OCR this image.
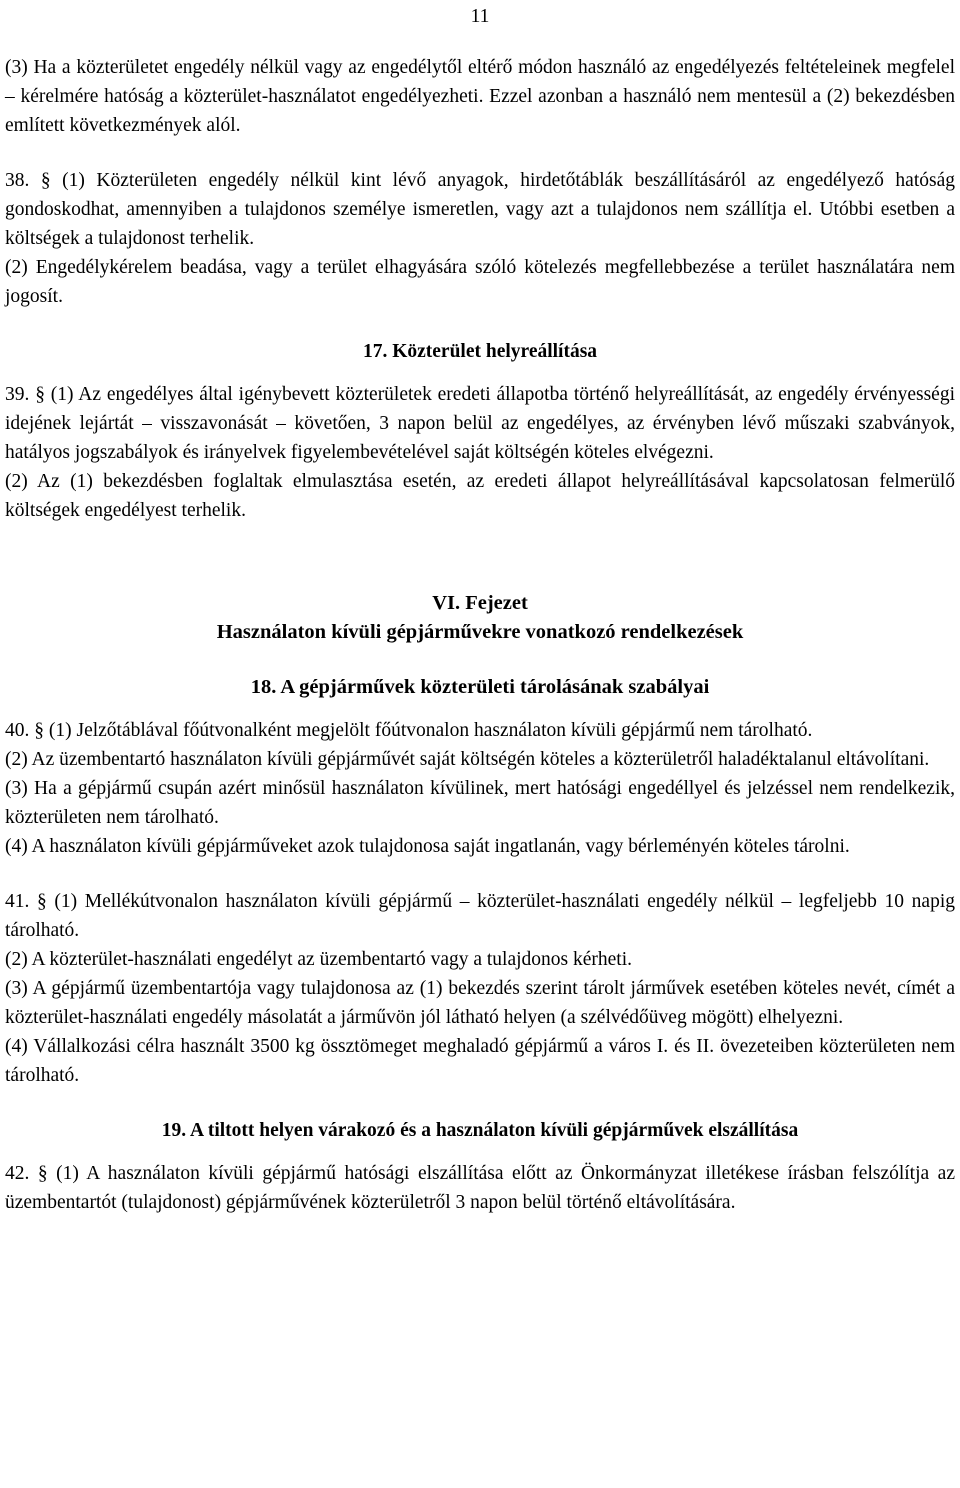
11

(3) Ha a közterületet engedély nélkül vagy az engedélytől eltérő módon használó az engedélyezés feltételeinek megfelel – kérelmére hatóság a közterület-használatot engedélyezheti. Ezzel azonban a használó nem mentesül a (2) bekezdésben említett következmények alól.

38. § (1) Közterületen engedély nélkül kint lévő anyagok, hirdetőtáblák beszállításáról az engedélyező hatóság gondoskodhat, amennyiben a tulajdonos személye ismeretlen, vagy azt a tulajdonos nem szállítja el. Utóbbi esetben a költségek a tulajdonost terhelik.

(2) Engedélykérelem beadása, vagy a terület elhagyására szóló kötelezés megfellebbezése a terület használatára nem jogosít.

17. Közterület helyreállítása

39. § (1) Az engedélyes által igénybevett közterületek eredeti állapotba történő helyreállítását, az engedély érvényességi idejének lejártát – visszavonását – követően, 3 napon belül az engedélyes, az érvényben lévő műszaki szabványok, hatályos jogszabályok és irányelvek figyelembevételével saját költségén köteles elvégezni.

(2) Az (1) bekezdésben foglaltak elmulasztása esetén, az eredeti állapot helyreállításával kapcsolatosan felmerülő költségek engedélyest terhelik.

VI. Fejezet

Használaton kívüli gépjárművekre vonatkozó rendelkezések

18. A gépjárművek közterületi tárolásának szabályai

40. § (1) Jelzőtáblával főútvonalként megjelölt főútvonalon használaton kívüli gépjármű nem tárolható.

(2) Az üzembentartó használaton kívüli gépjárművét saját költségén köteles a közterületről haladéktalanul eltávolítani.

(3) Ha a gépjármű csupán azért minősül használaton kívülinek, mert hatósági engedéllyel és jelzéssel nem rendelkezik, közterületen nem tárolható.

(4) A használaton kívüli gépjárműveket azok tulajdonosa saját ingatlanán, vagy bérleményén köteles tárolni.

41. § (1) Mellékútvonalon használaton kívüli gépjármű – közterület-használati engedély nélkül – legfeljebb 10 napig tárolható.

(2) A közterület-használati engedélyt az üzembentartó vagy a tulajdonos kérheti.

(3) A gépjármű üzembentartója vagy tulajdonosa az (1) bekezdés szerint tárolt járművek esetében köteles nevét, címét a közterület-használati engedély másolatát a járművön jól látható helyen (a szélvédőüveg mögött) elhelyezni.

(4) Vállalkozási célra használt 3500 kg össztömeget meghaladó gépjármű a város I. és II. övezeteiben közterületen nem tárolható.

19. A tiltott helyen várakozó és a használaton kívüli gépjárművek elszállítása

42. § (1) A használaton kívüli gépjármű hatósági elszállítása előtt az Önkormányzat illetékese írásban felszólítja az üzembentartót (tulajdonost) gépjárművének közterületről 3 napon belül történő eltávolítására.
